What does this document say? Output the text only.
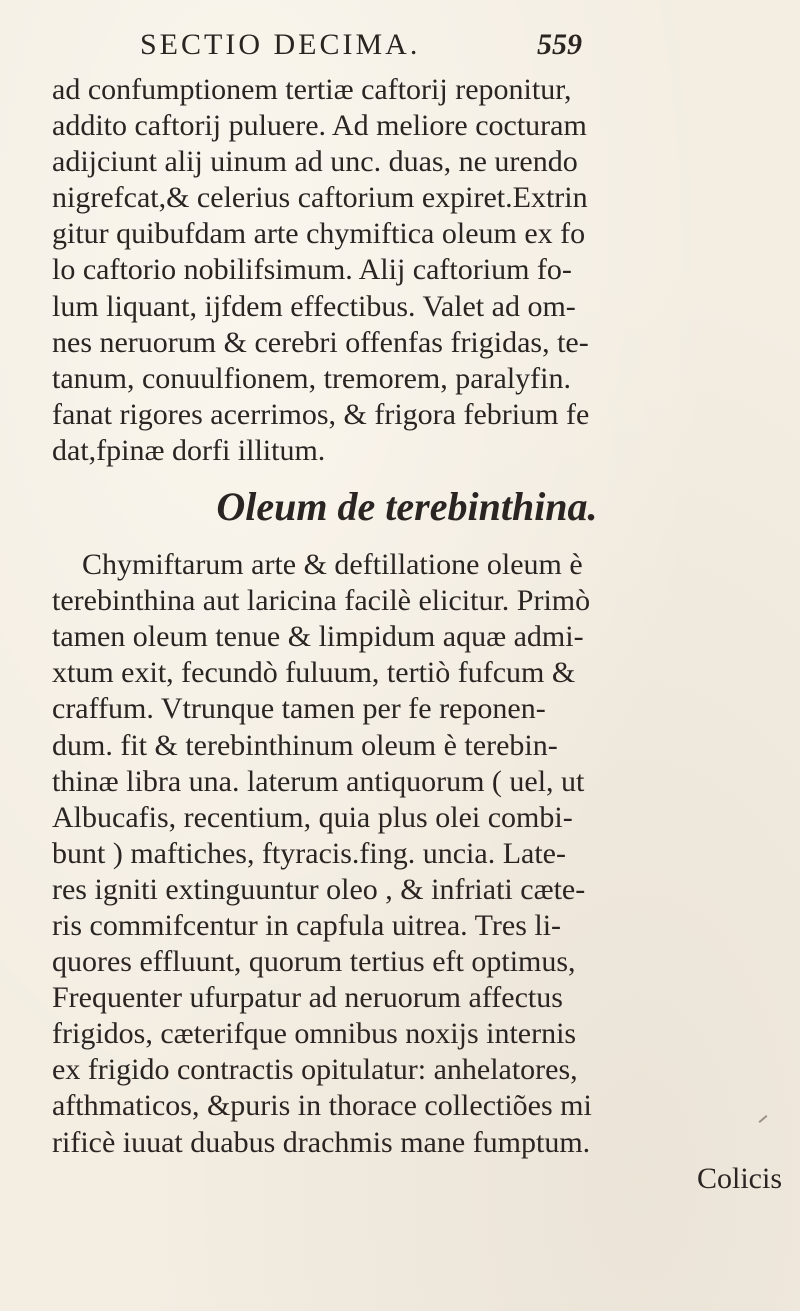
SECTIO DECIMA.	559
ad confumptionem tertiæ caftorij reponitur,
addito caftorij puluere. Ad meliore cocturam
adijciunt alij uinum ad unc. duas, ne urendo
nigrefcat,& celerius caftorium expiret.Extrin
gitur quibufdam arte chymiftica oleum ex fo
lo caftorio nobilifsimum. Alij caftorium fo-
lum liquant, ijfdem effectibus. Valet ad om-
nes neruorum & cerebri offenfas frigidas, te-
tanum, conuulfionem, tremorem, paralyfin.
fanat rigores acerrimos, & frigora febrium fe
dat,fpinæ dorfi illitum.
Oleum de terebinthina.
Chymiftarum arte & deftillatione oleum è
terebinthina aut laricina facilè elicitur. Primò
tamen oleum tenue & limpidum aquæ admi-
xtum exit, fecundò fuluum, tertiò fufcum &
craffum. Vtrunque tamen per fe reponen-
dum. fit & terebinthinum oleum è terebin-
thinæ libra una. laterum antiquorum ( uel, ut
Albucafis, recentium, quia plus olei combi-
bunt ) maftiches, ftyracis.fing. uncia. Late-
res igniti extinguuntur oleo , & infriati cæte-
ris commifcentur in capfula uitrea. Tres li-
quores effluunt, quorum tertius eft optimus,
Frequenter ufurpatur ad neruorum affectus
frigidos, cæterifque omnibus noxijs internis
ex frigido contractis opitulatur: anhelatores,
afthmaticos, &puris in thorace collectiões mi
rificè iuuat duabus drachmis mane fumptum.
Colicis
